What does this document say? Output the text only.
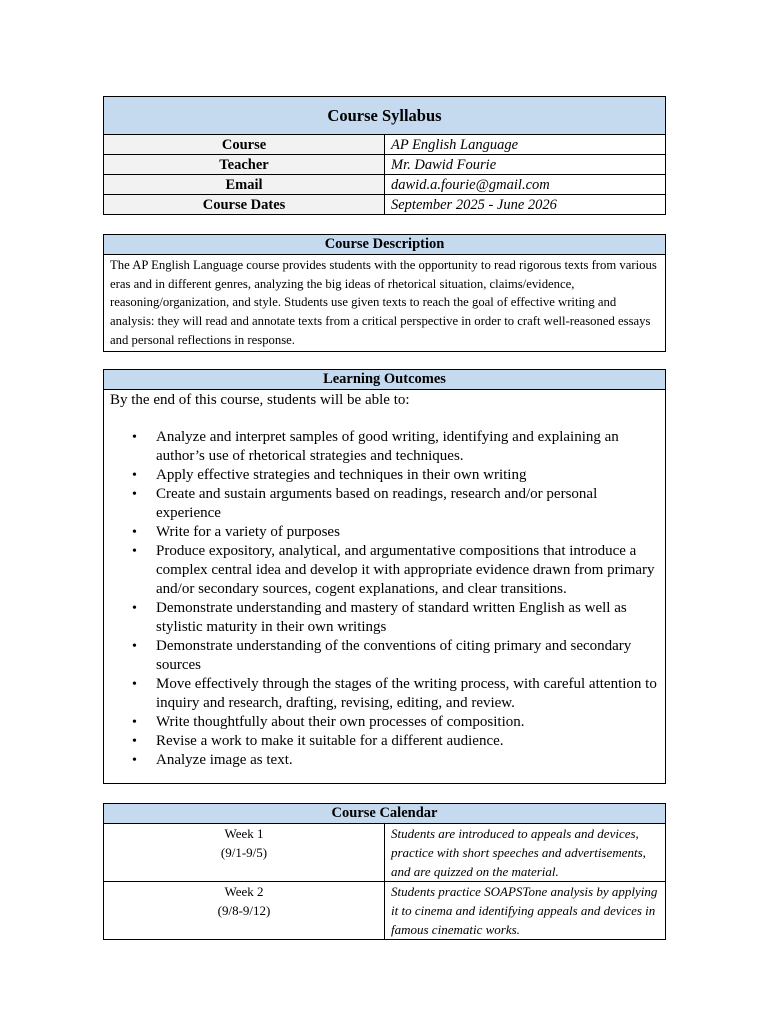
Course Syllabus	
Course	AP English Language
Teacher	Mr. Dawid Fourie
Email	dawid.a.fourie@gmail.com
Course Dates	September 2025 - June 2026
Course Description
The AP English Language course provides students with the opportunity to read rigorous texts from various eras and in different genres, analyzing the big ideas of rhetorical situation, claims/evidence, reasoning/organization, and style. Students use given texts to reach the goal of effective writing and analysis: they will read and annotate texts from a critical perspective in order to craft well-reasoned essays and personal reflections in response.
Learning Outcomes
By the end of this course, students will be able to:
• Analyze and interpret samples of good writing, identifying and explaining an author’s use of rhetorical strategies and techniques.
• Apply effective strategies and techniques in their own writing
• Create and sustain arguments based on readings, research and/or personal experience
• Write for a variety of purposes
• Produce expository, analytical, and argumentative compositions that introduce a complex central idea and develop it with appropriate evidence drawn from primary and/or secondary sources, cogent explanations, and clear transitions.
• Demonstrate understanding and mastery of standard written English as well as stylistic maturity in their own writings
• Demonstrate understanding of the conventions of citing primary and secondary sources
• Move effectively through the stages of the writing process, with careful attention to inquiry and research, drafting, revising, editing, and review.
• Write thoughtfully about their own processes of composition.
• Revise a work to make it suitable for a different audience.
• Analyze image as text.
Course Calendar	

Week 1
(9/1-9/5)	Students are introduced to appeals and devices, practice with short speeches and advertisements, and are quizzed on the material.

Week 2
(9/8-9/12)	Students practice SOAPSTone analysis by applying it to cinema and identifying appeals and devices in famous cinematic works.
